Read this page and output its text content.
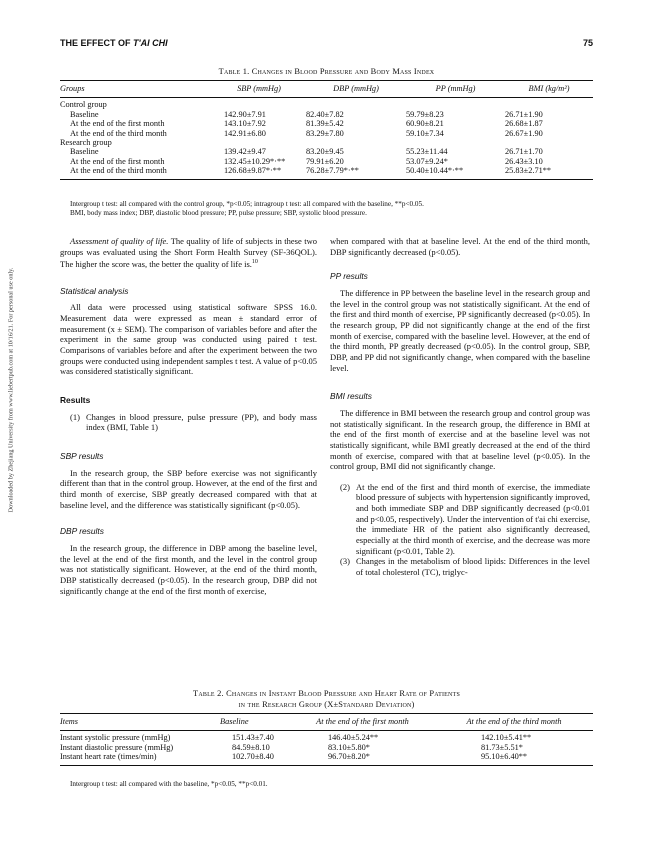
THE EFFECT OF T'AI CHI	75
Downloaded by Zhejiang University from www.liebertpub.com at 10/16/21. For personal use only.
Table 1. Changes in Blood Pressure and Body Mass Index
Groups	SBP (mmHg)	DBP (mmHg)	PP (mmHg)	BMI (kg/m²)
Control group				
Baseline	142.90±7.91	82.40±7.82	59.79±8.23	26.71±1.90
At the end of the first month	143.10±7.92	81.39±5.42	60.90±8.21	26.68±1.87
At the end of the third month	142.91±6.80	83.29±7.80	59.10±7.34	26.67±1.90
Research group				
Baseline	139.42±9.47	83.20±9.45	55.23±11.44	26.71±1.70
At the end of the first month	132.45±10.29*·**	79.91±6.20	53.07±9.24*	26.43±3.10
At the end of the third month	126.68±9.87*·**	76.28±7.79*·**	50.40±10.44*·**	25.83±2.71**
Intergroup t test: all compared with the control group, *p<0.05; intragroup t test: all compared with the baseline, **p<0.05.
BMI, body mass index; DBP, diastolic blood pressure; PP, pulse pressure; SBP, systolic blood pressure.

Assessment of quality of life. The quality of life of subjects in these two groups was evaluated using the Short Form Health Survey (SF-36QOL). The higher the score was, the better the quality of life is.$^{10}$

Statistical analysis

All data were processed using statistical software SPSS 16.0. Measurement data were expressed as mean ± standard error of measurement (x ± SEM). The comparison of variables before and after the experiment in the same group was conducted using paired t test. Comparisons of variables before and after the experiment between the two groups were conducted using independent samples t test. A value of p<0.05 was considered statistically significant.

Results
(1) Changes in blood pressure, pulse pressure (PP), and body mass index (BMI, Table 1)
SBP results

In the research group, the SBP before exercise was not significantly different than that in the control group. However, at the end of the first and third month of exercise, SBP greatly decreased compared with that at baseline level, and the difference was statistically significant (p<0.05).

DBP results

In the research group, the difference in DBP among the baseline level, the level at the end of the first month, and the level in the control group was not statistically significant. However, at the end of the third month, DBP statistically decreased (p<0.05). In the research group, DBP did not significantly change at the end of the first month of exercise,

when compared with that at baseline level. At the end of the third month, DBP significantly decreased (p<0.05).

PP results

The difference in PP between the baseline level in the research group and the level in the control group was not statistically significant. At the end of the first and third month of exercise, PP significantly decreased (p<0.05). In the research group, PP did not significantly change at the end of the first month of exercise, compared with the baseline level. However, at the end of the third month, PP greatly decreased (p<0.05). In the control group, SBP, DBP, and PP did not significantly change, when compared with the baseline level.

BMI results

The difference in BMI between the research group and control group was not statistically significant. In the research group, the difference in BMI at the end of the first month of exercise and at the baseline level was not statistically significant, while BMI greatly decreased at the end of the third month of exercise, compared with that at baseline level (p<0.05). In the control group, BMI did not significantly change.

(2) At the end of the first and third month of exercise, the immediate blood pressure of subjects with hypertension significantly improved, and both immediate SBP and DBP significantly decreased (p<0.01 and p<0.05, respectively). Under the intervention of t'ai chi exercise, the immediate HR of the patient also significantly decreased, especially at the third month of exercise, and the decrease was more significant (p<0.01, Table 2).
(3) Changes in the metabolism of blood lipids: Differences in the level of total cholesterol (TC), triglyc-
Table 2. Changes in Instant Blood Pressure and Heart Rate of Patients
in the Research Group (X±Standard Deviation)
Items	Baseline	At the end of the first month	At the end of the third month
Instant systolic pressure (mmHg)	151.43±7.40	146.40±5.24**	142.10±5.41**
Instant diastolic pressure (mmHg)	84.59±8.10	83.10±5.80*	81.73±5.51*
Instant heart rate (times/min)	102.70±8.40	96.70±8.20*	95.10±6.40**
Intergroup t test: all compared with the baseline, *p<0.05, **p<0.01.
